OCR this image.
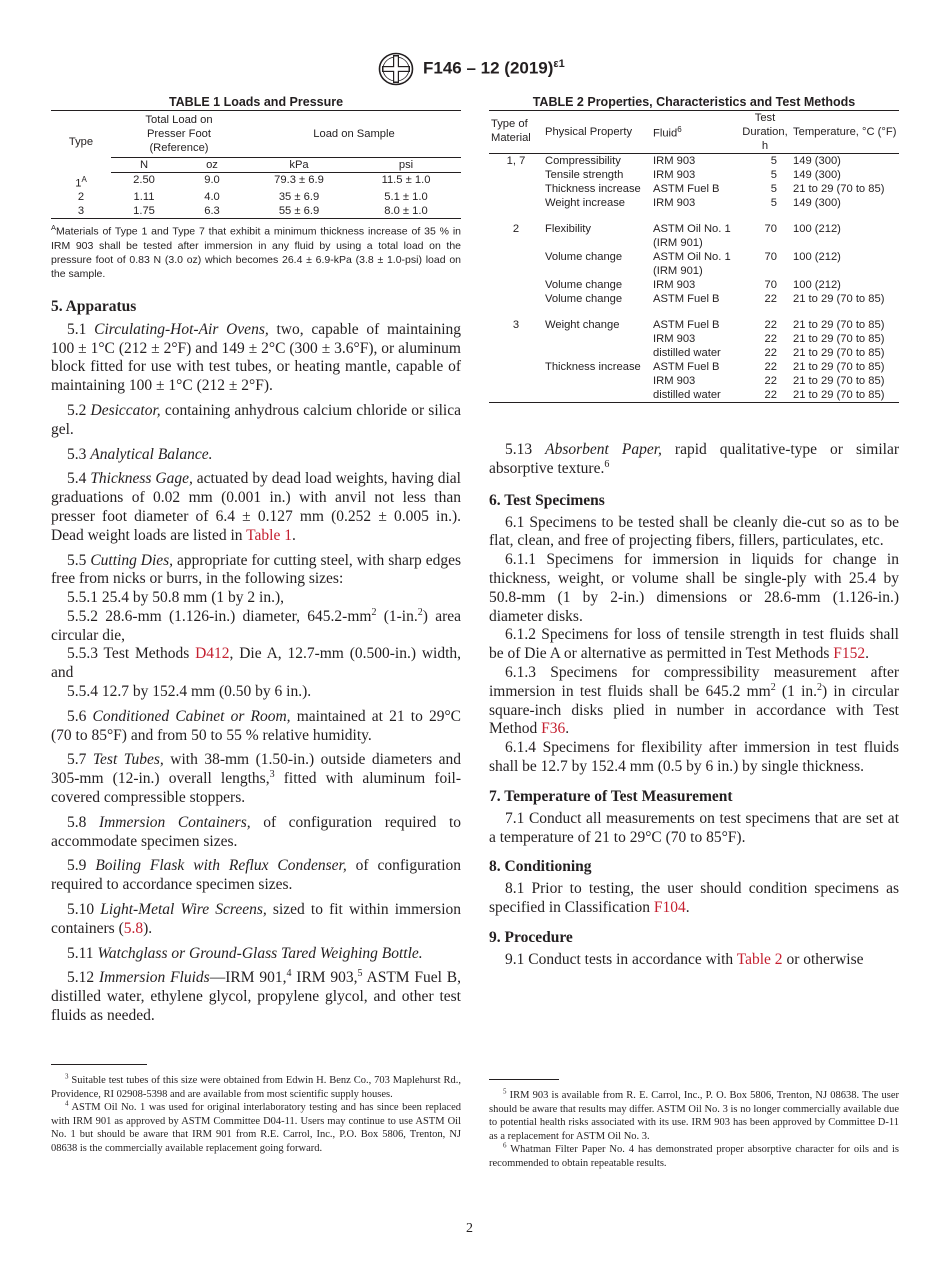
F146 – 12 $(2019)^{\varepsilon 1}$
TABLE 1 Loads and Pressure
Type	Total Load on Presser Foot (Reference)		Load on Sample	
	N	oz	kPa	psi
$1^A$	2.50	9.0	79.3 ± 6.9	11.5 ± 1.0
2	1.11	4.0	35 ± 6.9	5.1 ± 1.0
3	1.75	6.3	55 ± 6.9	8.0 ± 1.0
$^A$Materials of Type 1 and Type 7 that exhibit a minimum thickness increase of 35 % in IRM 903 shall be tested after immersion in any fluid by using a total load on the pressure foot of 0.83 N (3.0 oz) which becomes 26.4 ± 6.9-kPa (3.8 ± 1.0-psi) load on the sample.
5. Apparatus
5.1 Circulating-Hot-Air Ovens, two, capable of maintaining 100 ± 1°C (212 ± 2°F) and 149 ± 2°C (300 ± 3.6°F), or aluminum block fitted for use with test tubes, or heating mantle, capable of maintaining 100 ± 1°C (212 ± 2°F).
5.2 Desiccator, containing anhydrous calcium chloride or silica gel.
5.3 Analytical Balance.
5.4 Thickness Gage, actuated by dead load weights, having dial graduations of 0.02 mm (0.001 in.) with anvil not less than presser foot diameter of 6.4 ± 0.127 mm (0.252 ± 0.005 in.). Dead weight loads are listed in Table 1.
5.5 Cutting Dies, appropriate for cutting steel, with sharp edges free from nicks or burrs, in the following sizes:
5.5.1 25.4 by 50.8 mm (1 by 2 in.),
5.5.2 28.6-mm (1.126-in.) diameter, $645.2-mm^2$ (1-in.$^2$) area circular die,
5.5.3 Test Methods D412, Die A, 12.7-mm (0.500-in.) width, and
5.5.4 12.7 by 152.4 mm (0.50 by 6 in.).
5.6 Conditioned Cabinet or Room, maintained at 21 to 29°C (70 to 85°F) and from 50 to 55 % relative humidity.
5.7 Test Tubes, with 38-mm (1.50-in.) outside diameters and 305-mm (12-in.) overall lengths,$^3$ fitted with aluminum foil-covered compressible stoppers.
5.8 Immersion Containers, of configuration required to accommodate specimen sizes.
5.9 Boiling Flask with Reflux Condenser, of configuration required to accordance specimen sizes.
5.10 Light-Metal Wire Screens, sized to fit within immersion containers (5.8).
5.11 Watchglass or Ground-Glass Tared Weighing Bottle.
5.12 Immersion Fluids—IRM 901,$^4$ IRM 903,$^5$ ASTM Fuel B, distilled water, ethylene glycol, propylene glycol, and other test fluids as needed.
$^3$ Suitable test tubes of this size were obtained from Edwin H. Benz Co., 703 Maplehurst Rd., Providence, RI 02908-5398 and are available from most scientific supply houses.
$^4$ ASTM Oil No. 1 was used for original interlaboratory testing and has since been replaced with IRM 901 as approved by ASTM Committee D04-11. Users may continue to use ASTM Oil No. 1 but should be aware that IRM 901 from R.E. Carrol, Inc., P.O. Box 5806, Trenton, NJ 08638 is the commercially available replacement going forward.
TABLE 2 Properties, Characteristics and Test Methods
Type of Material	Physical Property	Fluid$^6$	Test Duration, h	Temperature, °C (°F)
1, 7	Compressibility	IRM 903	5	149 (300)
	Tensile strength	IRM 903	5	149 (300)
	Thickness increase	ASTM Fuel B	5	21 to 29 (70 to 85)
	Weight increase	IRM 903	5	149 (300)

2	Flexibility	ASTM Oil No. 1	70	100 (212)
		(IRM 901)		
	Volume change	ASTM Oil No. 1	70	100 (212)
		(IRM 901)		
	Volume change	IRM 903	70	100 (212)
	Volume change	ASTM Fuel B	22	21 to 29 (70 to 85)

3	Weight change	ASTM Fuel B	22	21 to 29 (70 to 85)
		IRM 903	22	21 to 29 (70 to 85)
		distilled water	22	21 to 29 (70 to 85)
	Thickness increase	ASTM Fuel B	22	21 to 29 (70 to 85)
		IRM 903	22	21 to 29 (70 to 85)
		distilled water	22	21 to 29 (70 to 85)
5.13 Absorbent Paper, rapid qualitative-type or similar absorptive texture.$^6$
6. Test Specimens
6.1 Specimens to be tested shall be cleanly die-cut so as to be flat, clean, and free of projecting fibers, fillers, particulates, etc.
6.1.1 Specimens for immersion in liquids for change in thickness, weight, or volume shall be single-ply with 25.4 by 50.8-mm (1 by 2-in.) dimensions or 28.6-mm (1.126-in.) diameter disks.
6.1.2 Specimens for loss of tensile strength in test fluids shall be of Die A or alternative as permitted in Test Methods F152.
6.1.3 Specimens for compressibility measurement after immersion in test fluids shall be 645.2 $mm^2$ (1 in.$^2$) in circular square-inch disks plied in number in accordance with Test Method F36.
6.1.4 Specimens for flexibility after immersion in test fluids shall be 12.7 by 152.4 mm (0.5 by 6 in.) by single thickness.
7. Temperature of Test Measurement
7.1 Conduct all measurements on test specimens that are set at a temperature of 21 to 29°C (70 to 85°F).
8. Conditioning
8.1 Prior to testing, the user should condition specimens as specified in Classification F104.
9. Procedure
9.1 Conduct tests in accordance with Table 2 or otherwise
$^5$ IRM 903 is available from R. E. Carrol, Inc., P. O. Box 5806, Trenton, NJ 08638. The user should be aware that results may differ. ASTM Oil No. 3 is no longer commercially available due to potential health risks associated with its use. IRM 903 has been approved by Committee D-11 as a replacement for ASTM Oil No. 3.
$^6$ Whatman Filter Paper No. 4 has demonstrated proper absorptive character for oils and is recommended to obtain repeatable results.
2
